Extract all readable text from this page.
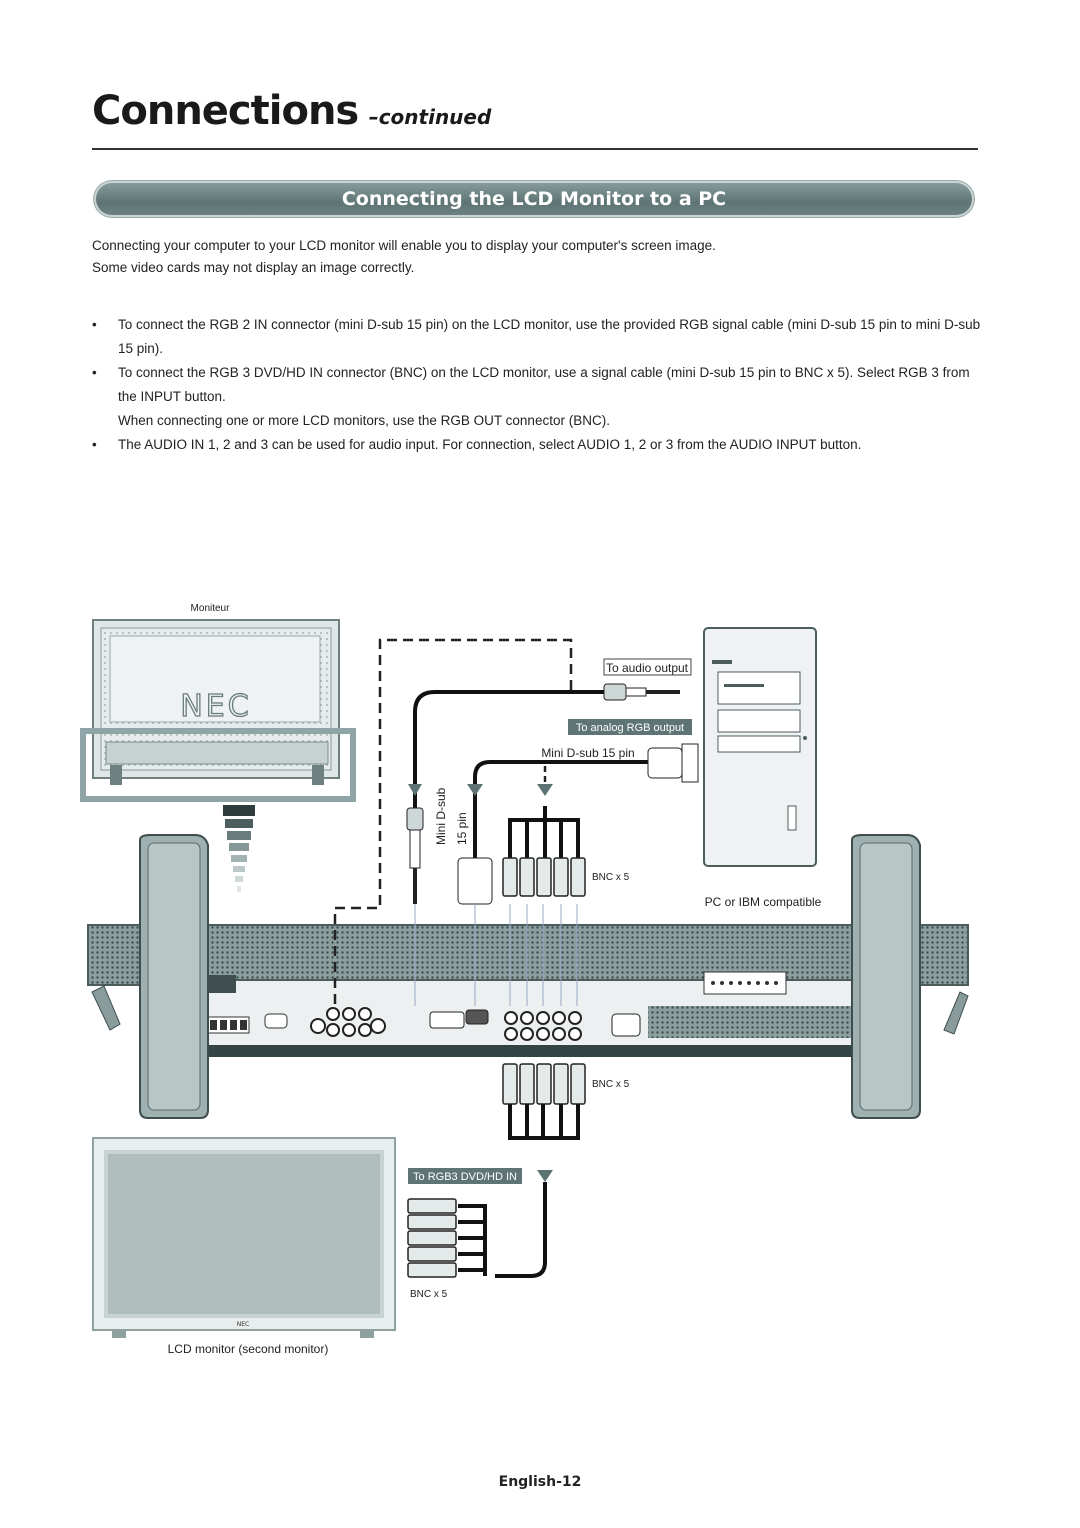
Connections –continued
Connecting the LCD Monitor to a PC

Connecting your computer to your LCD monitor will enable you to display your computer's screen image.

Some video cards may not display an image correctly.

• To connect the RGB 2 IN connector (mini D-sub 15 pin) on the LCD monitor, use the provided RGB signal cable (mini D-sub 15 pin to mini D-sub 15 pin).
• To connect the RGB 3 DVD/HD IN connector (BNC) on the LCD monitor, use a signal cable (mini D-sub 15 pin to BNC x 5). Select RGB 3 from the INPUT button.
When connecting one or more LCD monitors, use the RGB OUT connector (BNC).
• The AUDIO IN 1, 2 and 3 can be used for audio input. For connection, select AUDIO 1, 2 or 3 from the AUDIO INPUT button.
Moniteur
NEC
NEC
To audio output
To analog RGB output
Mini D-sub 15 pin
Mini D-sub 15 pin
BNC x 5
PC or IBM compatible
BNC x 5
To RGB3 DVD/HD IN
BNC x 5
LCD monitor (second monitor)
English-12
